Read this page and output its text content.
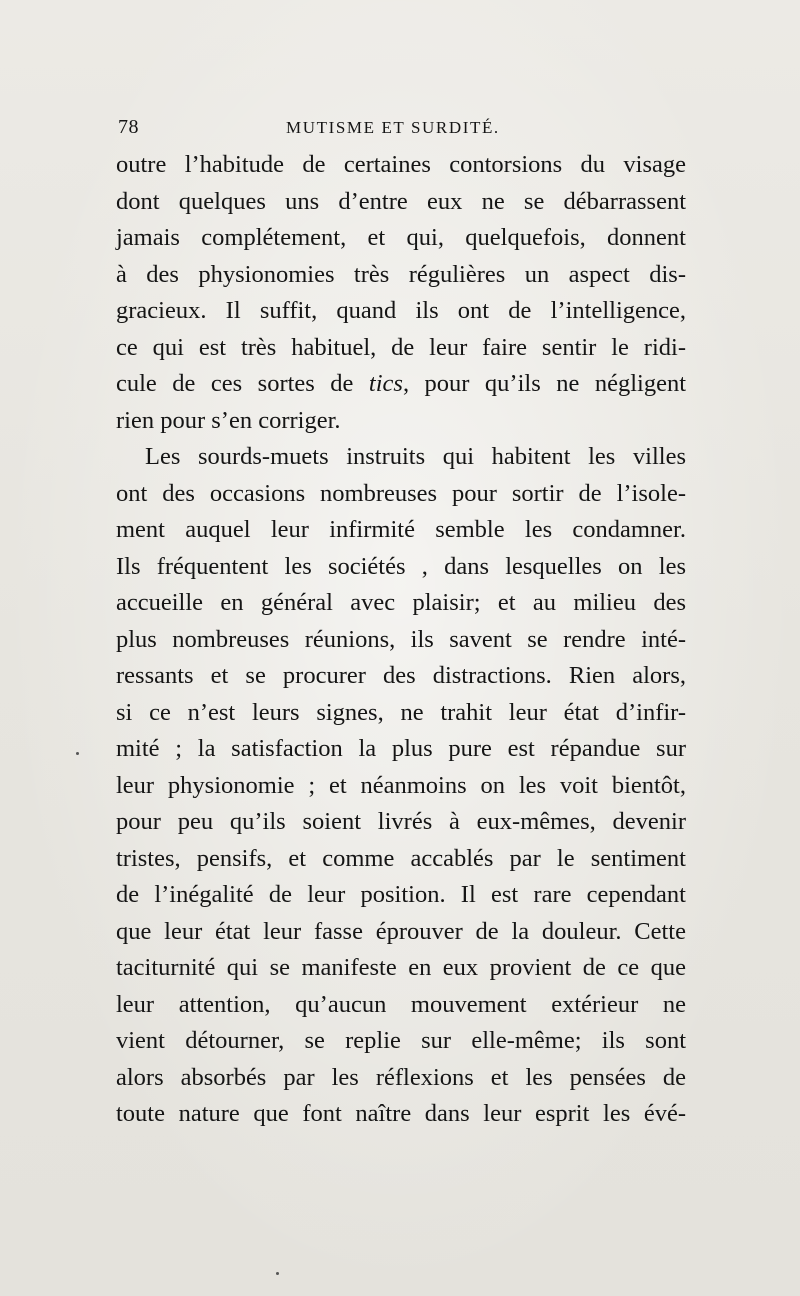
78	MUTISME ET SURDITÉ.
outre l’habitude de certaines contorsions du visage
dont quelques uns d’entre eux ne se débarrassent
jamais complétement, et qui, quelquefois, donnent
à des physionomies très régulières un aspect dis-
gracieux. Il suffit, quand ils ont de l’intelligence,
ce qui est très habituel, de leur faire sentir le ridi-
cule de ces sortes de tics, pour qu’ils ne négligent
rien pour s’en corriger.
Les sourds-muets instruits qui habitent les villes
ont des occasions nombreuses pour sortir de l’isole-
ment auquel leur infirmité semble les condamner.
Ils fréquentent les sociétés , dans lesquelles on les
accueille en général avec plaisir; et au milieu des
plus nombreuses réunions, ils savent se rendre inté-
ressants et se procurer des distractions. Rien alors,
si ce n’est leurs signes, ne trahit leur état d’infir-
mité ; la satisfaction la plus pure est répandue sur
leur physionomie ; et néanmoins on les voit bientôt,
pour peu qu’ils soient livrés à eux-mêmes, devenir
tristes, pensifs, et comme accablés par le sentiment
de l’inégalité de leur position. Il est rare cependant
que leur état leur fasse éprouver de la douleur. Cette
taciturnité qui se manifeste en eux provient de ce que
leur attention, qu’aucun mouvement extérieur ne
vient détourner, se replie sur elle-même; ils sont
alors absorbés par les réflexions et les pensées de
toute nature que font naître dans leur esprit les évé-
